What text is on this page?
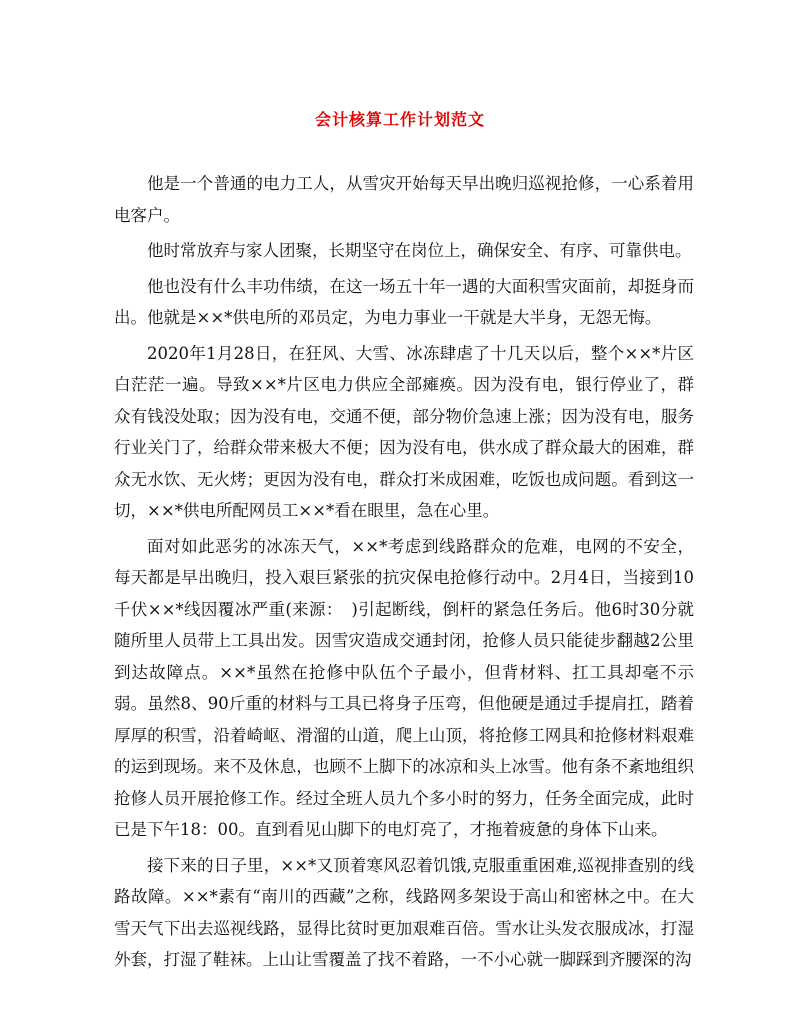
会计核算工作计划范文

他是一个普通的电力工人，从雪灾开始每天早出晚归巡视抢修，一心系着用电客户。

他时常放弃与家人团聚，长期坚守在岗位上，确保安全、有序、可靠供电。

他也没有什么丰功伟绩，在这一场五十年一遇的大面积雪灾面前，却挺身而出。他就是××*供电所的邓员定，为电力事业一干就是大半身，无怨无悔。

2020年1月28日，在狂风、大雪、冰冻肆虐了十几天以后，整个××*片区白茫茫一遍。导致××*片区电力供应全部瘫痪。因为没有电，银行停业了，群众有钱没处取；因为没有电，交通不便，部分物价急速上涨；因为没有电，服务行业关门了，给群众带来极大不便；因为没有电，供水成了群众最大的困难，群众无水饮、无火烤；更因为没有电，群众打米成困难，吃饭也成问题。看到这一切，××*供电所配网员工××*看在眼里，急在心里。

面对如此恶劣的冰冻天气，××*考虑到线路群众的危难，电网的不安全，每天都是早出晚归，投入艰巨紧张的抗灾保电抢修行动中。2月4日，当接到10千伏××*线因覆冰严重(来源：　)引起断线，倒杆的紧急任务后。他6时30分就随所里人员带上工具出发。因雪灾造成交通封闭，抢修人员只能徒步翻越2公里到达故障点。××*虽然在抢修中队伍个子最小，但背材料、扛工具却毫不示弱。虽然8、90斤重的材料与工具已将身子压弯，但他硬是通过手提肩扛，踏着厚厚的积雪，沿着崎岖、滑溜的山道，爬上山顶，将抢修工网具和抢修材料艰难的运到现场。来不及休息，也顾不上脚下的冰凉和头上冰雪。他有条不紊地组织抢修人员开展抢修工作。经过全班人员九个多小时的努力，任务全面完成，此时已是下午18：00。直到看见山脚下的电灯亮了，才拖着疲惫的身体下山来。

接下来的日子里，××*又顶着寒风忍着饥饿,克服重重困难,巡视排查别的线路故障。××*素有“南川的西藏”之称，线路网多架设于高山和密林之中。在大雪天气下出去巡视线路，显得比贫时更加艰难百倍。雪水让头发衣服成冰，打湿外套，打湿了鞋袜。上山让雪覆盖了找不着路，一不小心就一脚踩到齐腰深的沟
